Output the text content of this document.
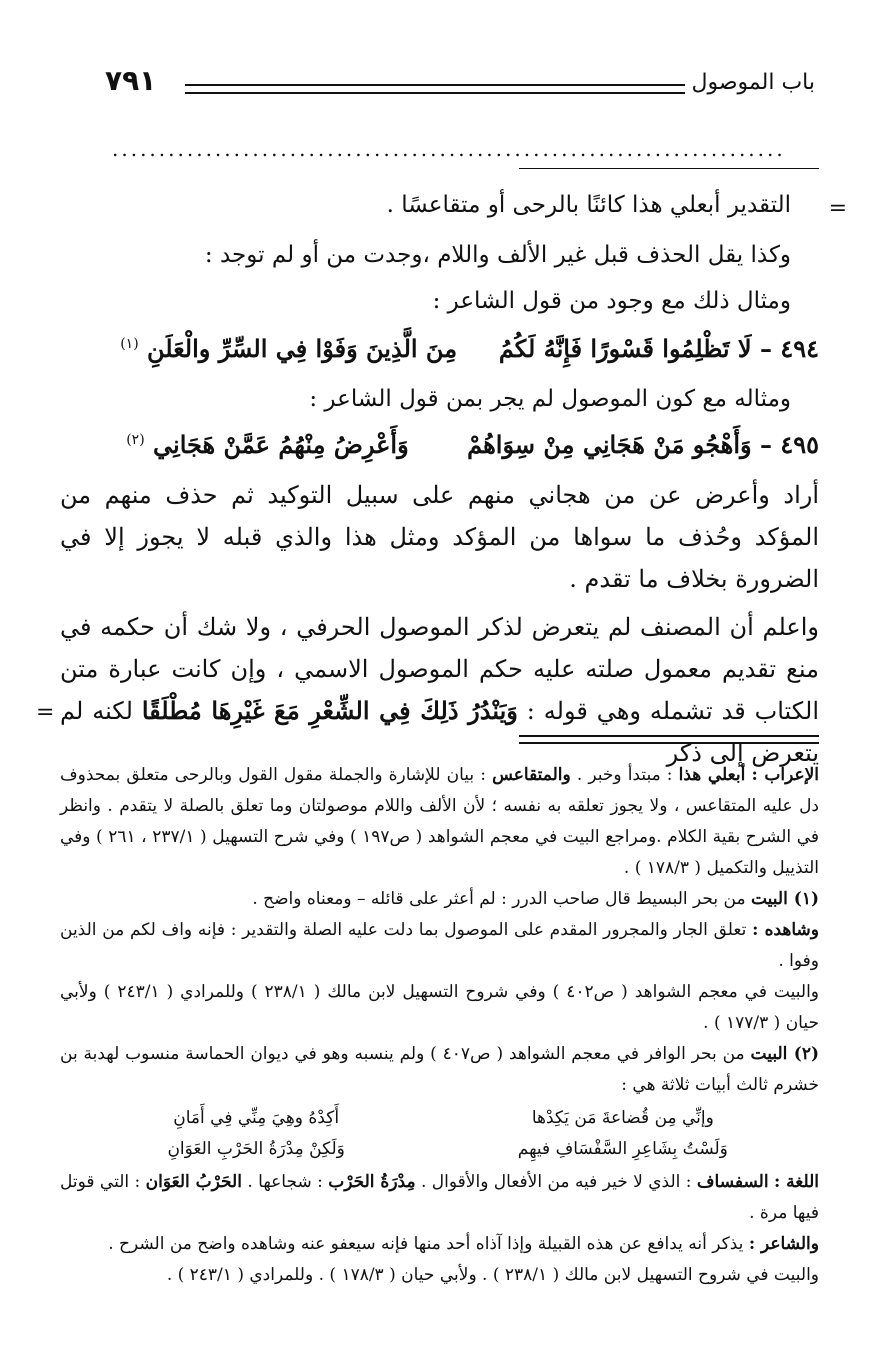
باب الموصول
٧٩١
........................................................................
=
التقدير أبعلي هذا كائنًا بالرحى أو متقاعسًا .
وكذا يقل الحذف قبل غير الألف واللام ،وجدت من أو لم توجد :
ومثال ذلك مع وجود من قول الشاعر :
٤٩٤ – لَا تَظْلِمُوا قَسْورًا فَإِنَّهُ لَكُمُ     مِنَ الَّذِينَ وَفَوْا فِي السِّرِّ والْعَلَنِ $^{(١)}$
ومثاله مع كون الموصول لم يجر بمن قول الشاعر :
٤٩٥ – وَأَهْجُو مَنْ هَجَانِي مِنْ سِوَاهُمْ       وَأَعْرِضُ مِنْهُمُ عَمَّنْ هَجَانِي $^{(٢)}$
أراد وأعرض عن من هجاني منهم على سبيل التوكيد ثم حذف منهم من المؤكد وحُذف ما سواها من المؤكد ومثل هذا والذي قبله لا يجوز إلا في الضرورة بخلاف ما تقدم .
واعلم أن المصنف لم يتعرض لذكر الموصول الحرفي ، ولا شك أن حكمه في منع تقديم معمول صلته عليه حكم الموصول الاسمي ، وإن كانت عبارة متن الكتاب قد تشمله وهي قوله : وَيَنْدُرُ ذَلِكَ فِي الشِّعْرِ مَعَ غَيْرِهَا مُطْلَقًا لكنه لم يتعرض إلى ذكر
=

الإعراب : أبعلي هذا : مبتدأ وخبر . والمتقاعس : بيان للإشارة والجملة مقول القول وبالرحى متعلق بمحذوف دل عليه المتقاعس ، ولا يجوز تعلقه به نفسه ؛ لأن الألف واللام موصولتان وما تعلق بالصلة لا يتقدم . وانظر في الشرح بقية الكلام .ومراجع البيت في معجم الشواهد ( ص١٩٧ ) وفي شرح التسهيل ( ٢٣٧/١ ، ٢٦١ ) وفي التذييل والتكميل ( ١٧٨/٣ ) .

(١) البيت من بحر البسيط قال صاحب الدرر : لم أعثر على قائله – ومعناه واضح .

وشاهده : تعلق الجار والمجرور المقدم على الموصول بما دلت عليه الصلة والتقدير : فإنه واف لكم من الذين وفوا .

والبيت في معجم الشواهد ( ص٤٠٢ ) وفي شروح التسهيل لابن مالك ( ٢٣٨/١ ) وللمرادي ( ٢٤٣/١ ) ولأبي حيان ( ١٧٧/٣ ) .

(٢) البيت من بحر الوافر في معجم الشواهد ( ص٤٠٧ ) ولم ينسبه وهو في ديوان الحماسة منسوب لهدبة بن خشرم ثالث أبيات ثلاثة هي :

وإنِّي مِن قُضاعةَ مَن يَكِدْها
أَكِدْهُ وهِيَ مِنِّي فِي أَمَانِ
وَلَسْتُ بِشَاعِرِ السَّفْسَافِ فيهِم
وَلَكِنْ مِدْرَةُ الحَرْبِ العَوَانِ

اللغة : السفساف : الذي لا خير فيه من الأفعال والأقوال . مِدْرَةُ الحَرْب : شجاعها . الحَرْبُ العَوَان : التي قوتل فيها مرة .

والشاعر : يذكر أنه يدافع عن هذه القبيلة وإذا آذاه أحد منها فإنه سيعفو عنه وشاهده واضح من الشرح .

والبيت في شروح التسهيل لابن مالك ( ٢٣٨/١ ) . ولأبي حيان ( ١٧٨/٣ ) . وللمرادي ( ٢٤٣/١ ) .
